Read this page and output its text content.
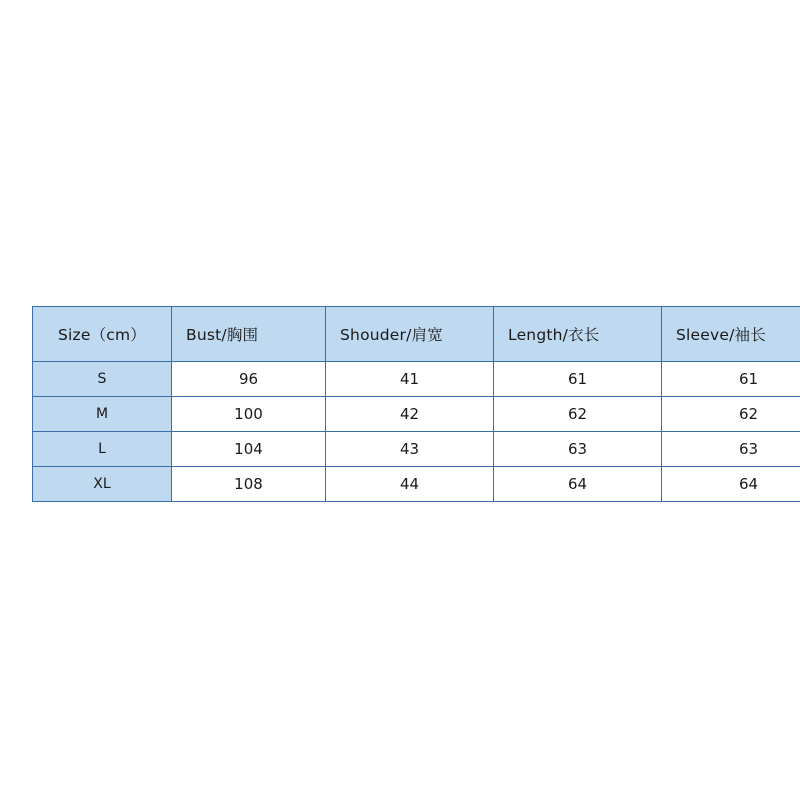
Size（cm）	Bust/胸围	Shouder/肩宽	Length/衣长	Sleeve/袖长
S	96	41	61	61
M	100	42	62	62
L	104	43	63	63
XL	108	44	64	64
